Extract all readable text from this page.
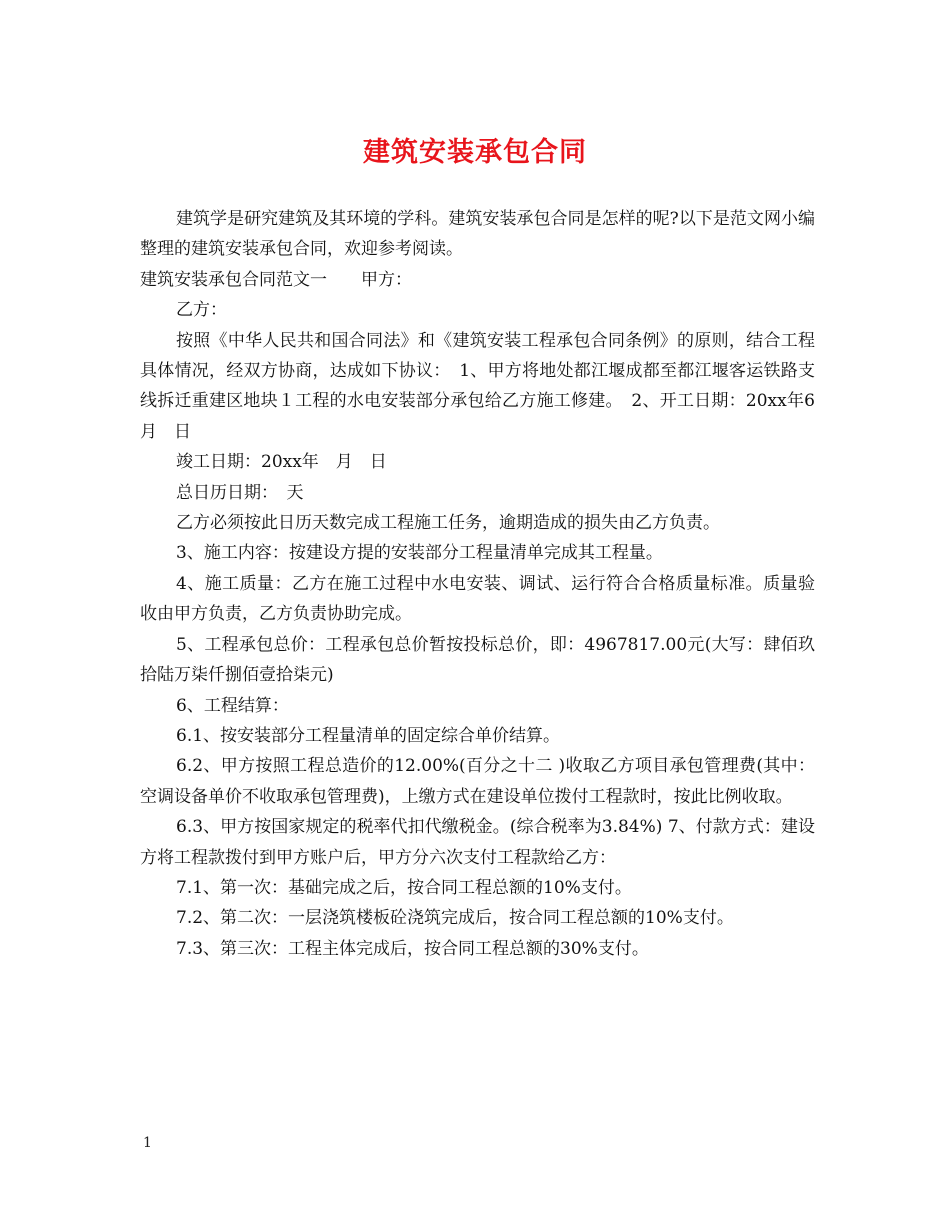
建筑安装承包合同

建筑学是研究建筑及其环境的学科。建筑安装承包合同是怎样的呢?以下是范文网小编整理的建筑安装承包合同，欢迎参考阅读。

建筑安装承包合同范文一　　甲方：

乙方：

按照《中华人民共和国合同法》和《建筑安装工程承包合同条例》的原则，结合工程具体情况，经双方协商，达成如下协议：　1、甲方将地处都江堰成都至都江堰客运铁路支线拆迁重建区地块１工程的水电安装部分承包给乙方施工修建。　2、开工日期：20xx年6月　日

竣工日期：20xx年　月　日

总日历日期：　天

乙方必须按此日历天数完成工程施工任务，逾期造成的损失由乙方负责。

3、施工内容：按建设方提的安装部分工程量清单完成其工程量。

4、施工质量：乙方在施工过程中水电安装、调试、运行符合合格质量标准。质量验收由甲方负责，乙方负责协助完成。

5、工程承包总价：工程承包总价暂按投标总价，即：4967817.00元(大写：肆佰玖拾陆万柒仟捌佰壹拾柒元)

6、工程结算：

6.1、按安装部分工程量清单的固定综合单价结算。

6.2、甲方按照工程总造价的12.00%(百分之十二 )收取乙方项目承包管理费(其中：空调设备单价不收取承包管理费)，上缴方式在建设单位拨付工程款时，按此比例收取。

6.3、甲方按国家规定的税率代扣代缴税金。(综合税率为3.84%) 7、付款方式：建设方将工程款拨付到甲方账户后，甲方分六次支付工程款给乙方：

7.1、第一次：基础完成之后，按合同工程总额的10%支付。

7.2、第二次：一层浇筑楼板砼浇筑完成后，按合同工程总额的10%支付。

7.3、第三次：工程主体完成后，按合同工程总额的30%支付。

1
